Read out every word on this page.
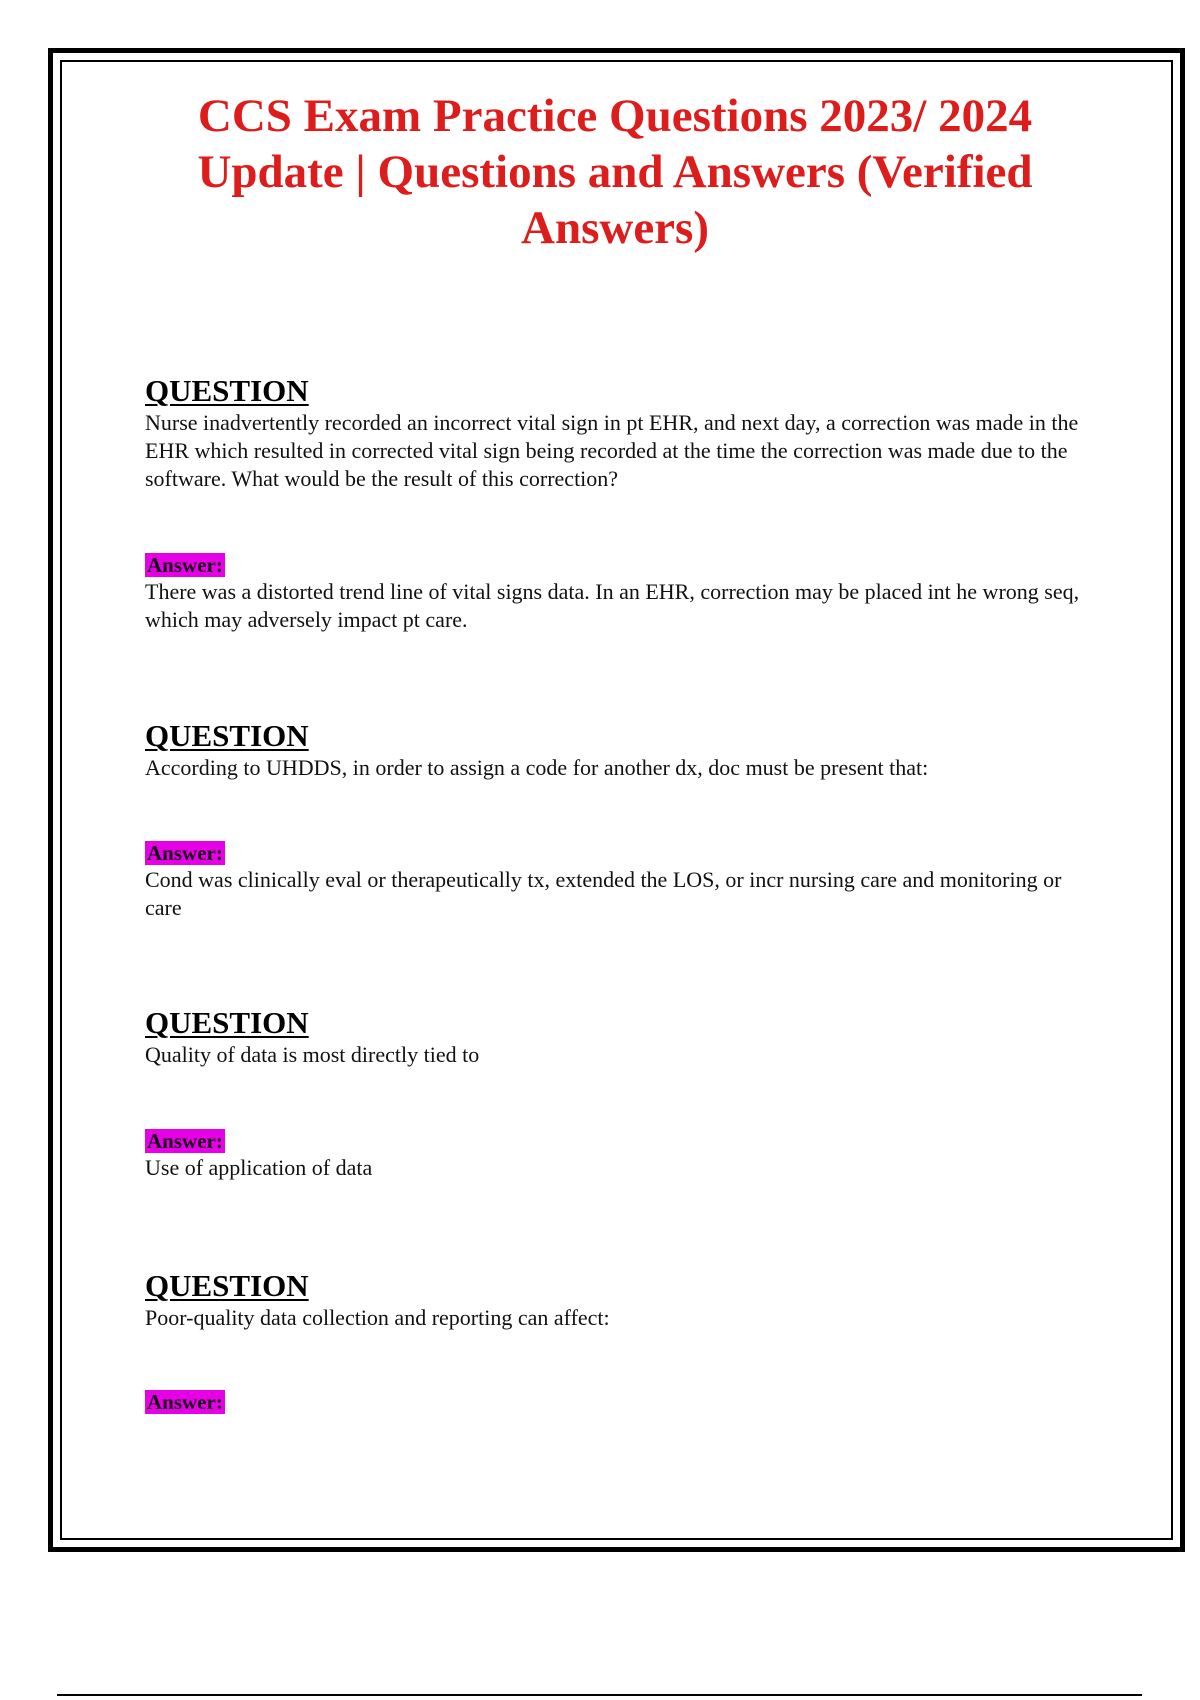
CCS Exam Practice Questions 2023/ 2024 Update | Questions and Answers (Verified Answers)
QUESTION

Nurse inadvertently recorded an incorrect vital sign in pt EHR, and next day, a correction was made in the EHR which resulted in corrected vital sign being recorded at the time the correction was made due to the software. What would be the result of this correction?

Answer:

There was a distorted trend line of vital signs data. In an EHR, correction may be placed int he wrong seq, which may adversely impact pt care.

QUESTION

According to UHDDS, in order to assign a code for another dx, doc must be present that:

Answer:

Cond was clinically eval or therapeutically tx, extended the LOS, or incr nursing care and monitoring or care

QUESTION

Quality of data is most directly tied to

Answer:

Use of application of data

QUESTION

Poor-quality data collection and reporting can affect:

Answer:
